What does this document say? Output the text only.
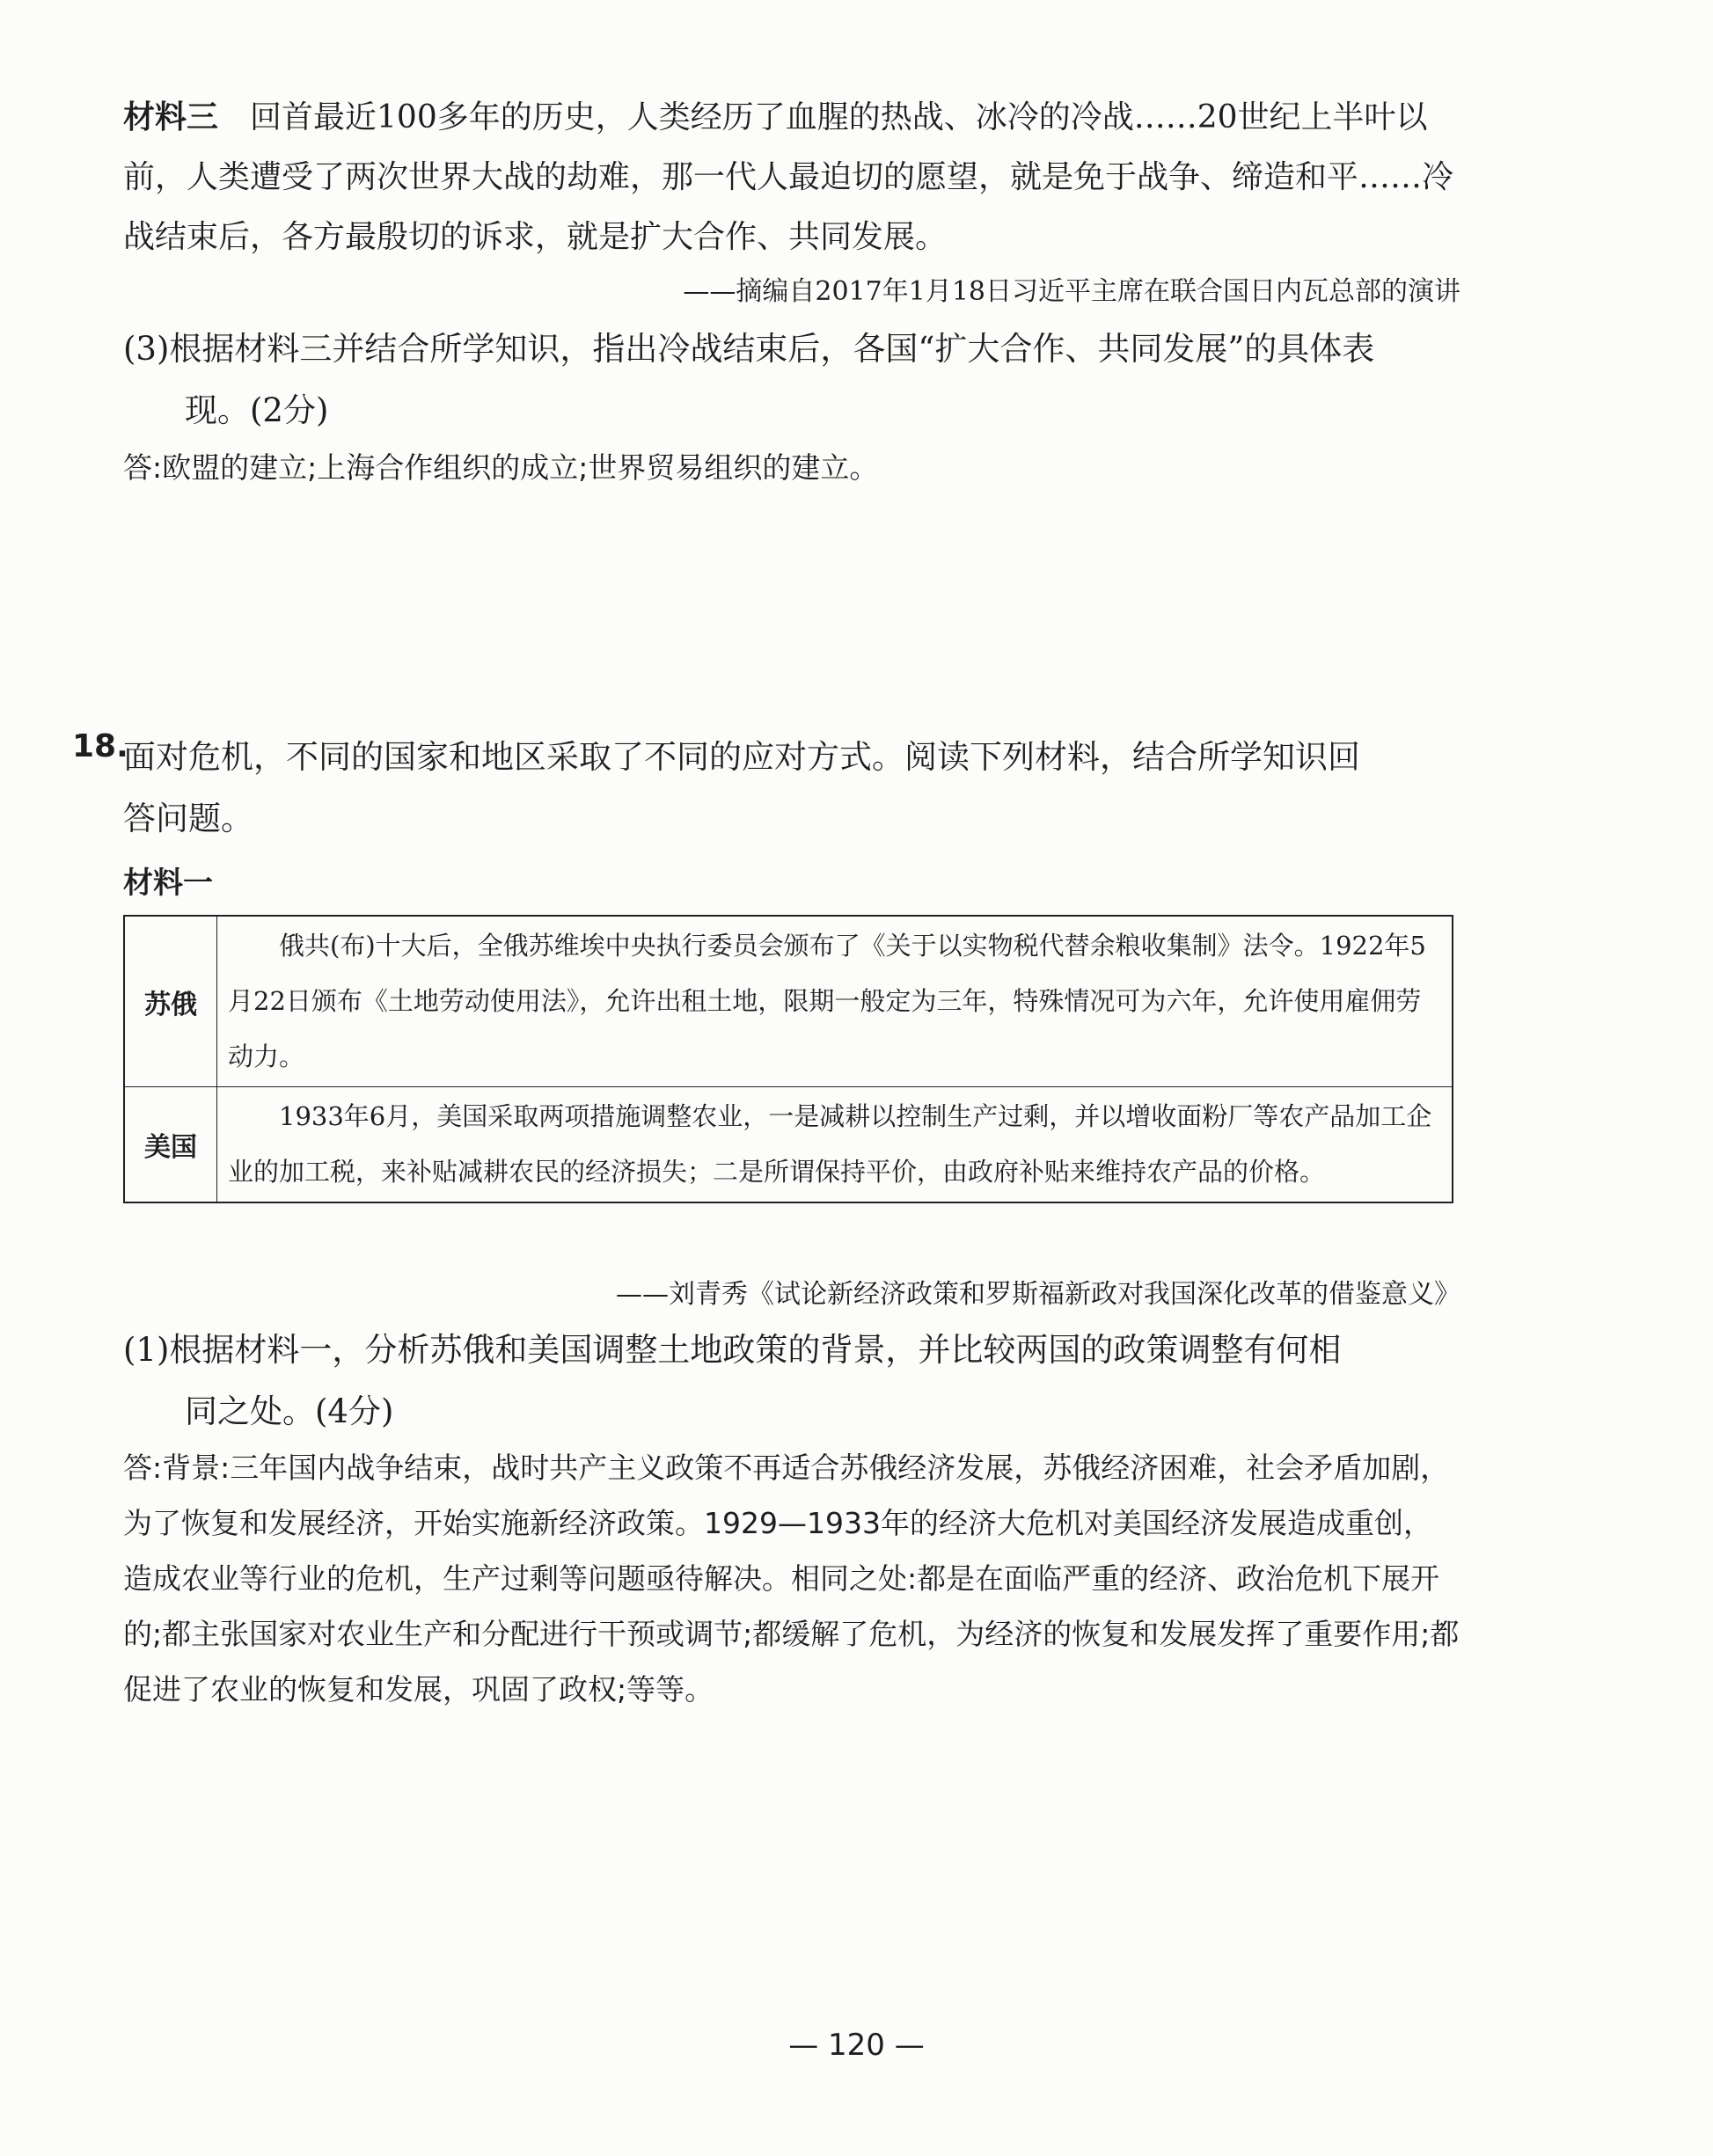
材料三 回首最近100多年的历史，人类经历了血腥的热战、冰冷的冷战……20世纪上半叶以前，人类遭受了两次世界大战的劫难，那一代人最迫切的愿望，就是免于战争、缔造和平……冷战结束后，各方最殷切的诉求，就是扩大合作、共同发展。
——摘编自2017年1月18日习近平主席在联合国日内瓦总部的演讲
(3)根据材料三并结合所学知识，指出冷战结束后，各国“扩大合作、共同发展”的具体表
现。(2分)
答:欧盟的建立;上海合作组织的成立;世界贸易组织的建立。
18.
面对危机，不同的国家和地区采取了不同的应对方式。阅读下列材料，结合所学知识回
答问题。
材料一
苏俄	俄共(布)十大后，全俄苏维埃中央执行委员会颁布了《关于以实物税代替余粮收集制》法令。1922年5月22日颁布《土地劳动使用法》，允许出租土地，限期一般定为三年，特殊情况可为六年，允许使用雇佣劳动力。
美国	1933年6月，美国采取两项措施调整农业，一是减耕以控制生产过剩，并以增收面粉厂等农产品加工企业的加工税，来补贴减耕农民的经济损失；二是所谓保持平价，由政府补贴来维持农产品的价格。
——刘青秀《试论新经济政策和罗斯福新政对我国深化改革的借鉴意义》
(1)根据材料一，分析苏俄和美国调整土地政策的背景，并比较两国的政策调整有何相
同之处。(4分)
答:背景:三年国内战争结束，战时共产主义政策不再适合苏俄经济发展，苏俄经济困难，社会矛盾加剧，为了恢复和发展经济，开始实施新经济政策。1929—1933年的经济大危机对美国经济发展造成重创，造成农业等行业的危机，生产过剩等问题亟待解决。相同之处:都是在面临严重的经济、政治危机下展开的;都主张国家对农业生产和分配进行干预或调节;都缓解了危机，为经济的恢复和发展发挥了重要作用;都促进了农业的恢复和发展，巩固了政权;等等。
— 120 —
